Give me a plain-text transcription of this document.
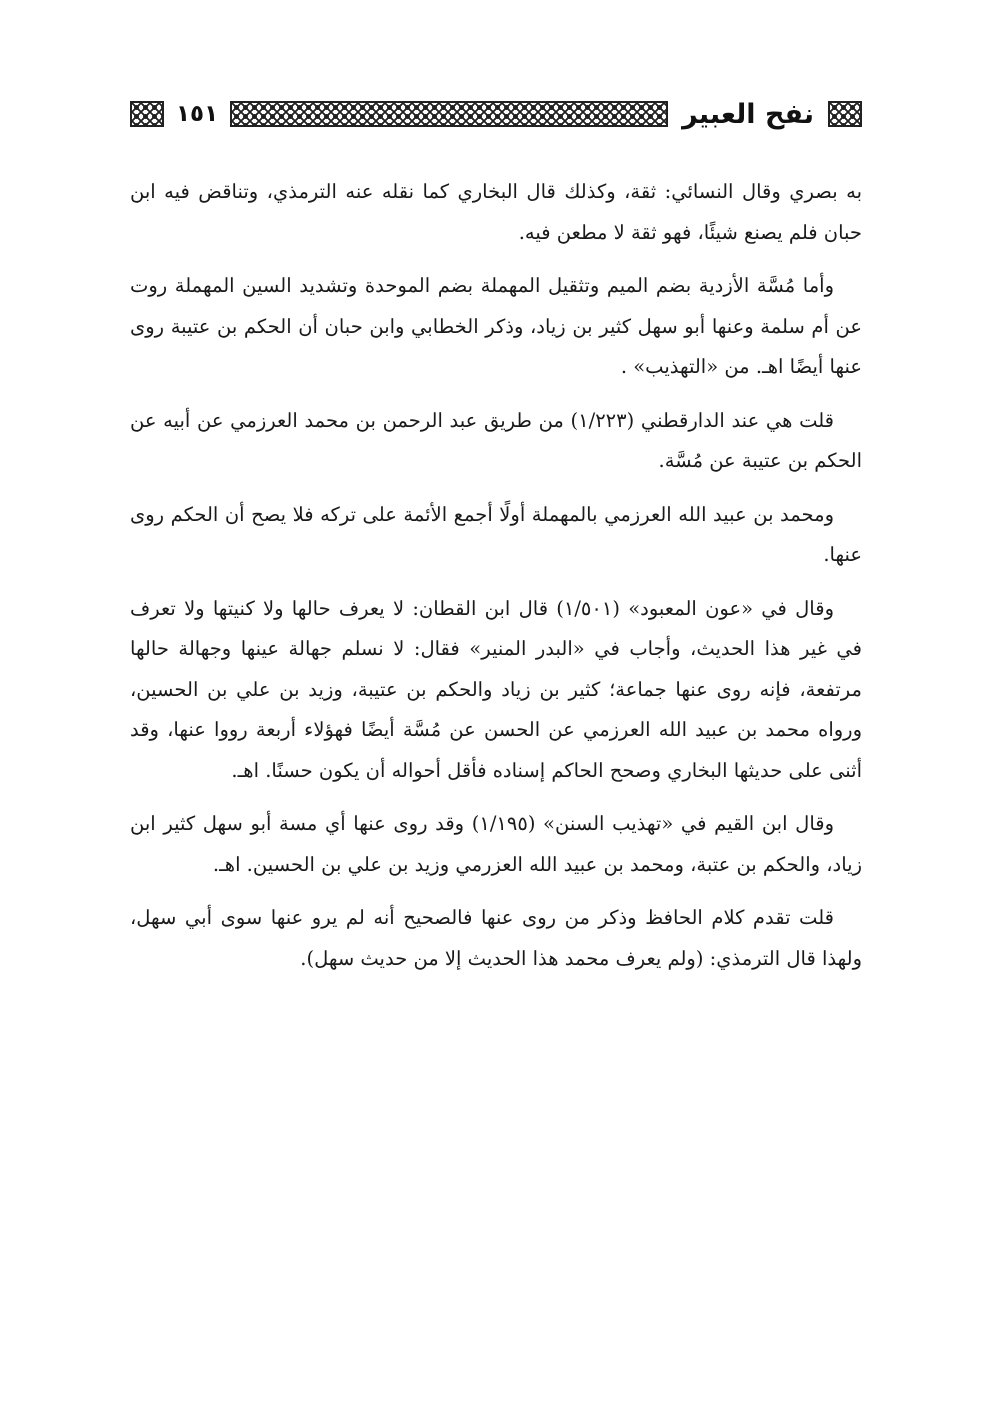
نفح العبير
١٥١

به بصري وقال النسائي: ثقة، وكذلك قال البخاري كما نقله عنه الترمذي، وتناقض فيه ابن حبان فلم يصنع شيئًا، فهو ثقة لا مطعن فيه.

وأما مُسَّة الأزدية بضم الميم وتثقيل المهملة بضم الموحدة وتشديد السين المهملة روت عن أم سلمة وعنها أبو سهل كثير بن زياد، وذكر الخطابي وابن حبان أن الحكم بن عتيبة روى عنها أيضًا اهـ. من «التهذيب» .

قلت هي عند الدارقطني (١/٢٢٣) من طريق عبد الرحمن بن محمد العرزمي عن أبيه عن الحكم بن عتيبة عن مُسَّة.

ومحمد بن عبيد الله العرزمي بالمهملة أولًا أجمع الأئمة على تركه فلا يصح أن الحكم روى عنها.

وقال في «عون المعبود» (١/٥٠١) قال ابن القطان: لا يعرف حالها ولا كنيتها ولا تعرف في غير هذا الحديث، وأجاب في «البدر المنير» فقال: لا نسلم جهالة عينها وجهالة حالها مرتفعة، فإنه روى عنها جماعة؛ كثير بن زياد والحكم بن عتيبة، وزيد بن علي بن الحسين، ورواه محمد بن عبيد الله العرزمي عن الحسن عن مُسَّة أيضًا فهؤلاء أربعة رووا عنها، وقد أثنى على حديثها البخاري وصحح الحاكم إسناده فأقل أحواله أن يكون حسنًا. اهـ.

وقال ابن القيم في «تهذيب السنن» (١/١٩٥) وقد روى عنها أي مسة أبو سهل كثير ابن زياد، والحكم بن عتبة، ومحمد بن عبيد الله العزرمي وزيد بن علي بن الحسين. اهـ.

قلت تقدم كلام الحافظ وذكر من روى عنها فالصحيح أنه لم يرو عنها سوى أبي سهل، ولهذا قال الترمذي: (ولم يعرف محمد هذا الحديث إلا من حديث سهل).
